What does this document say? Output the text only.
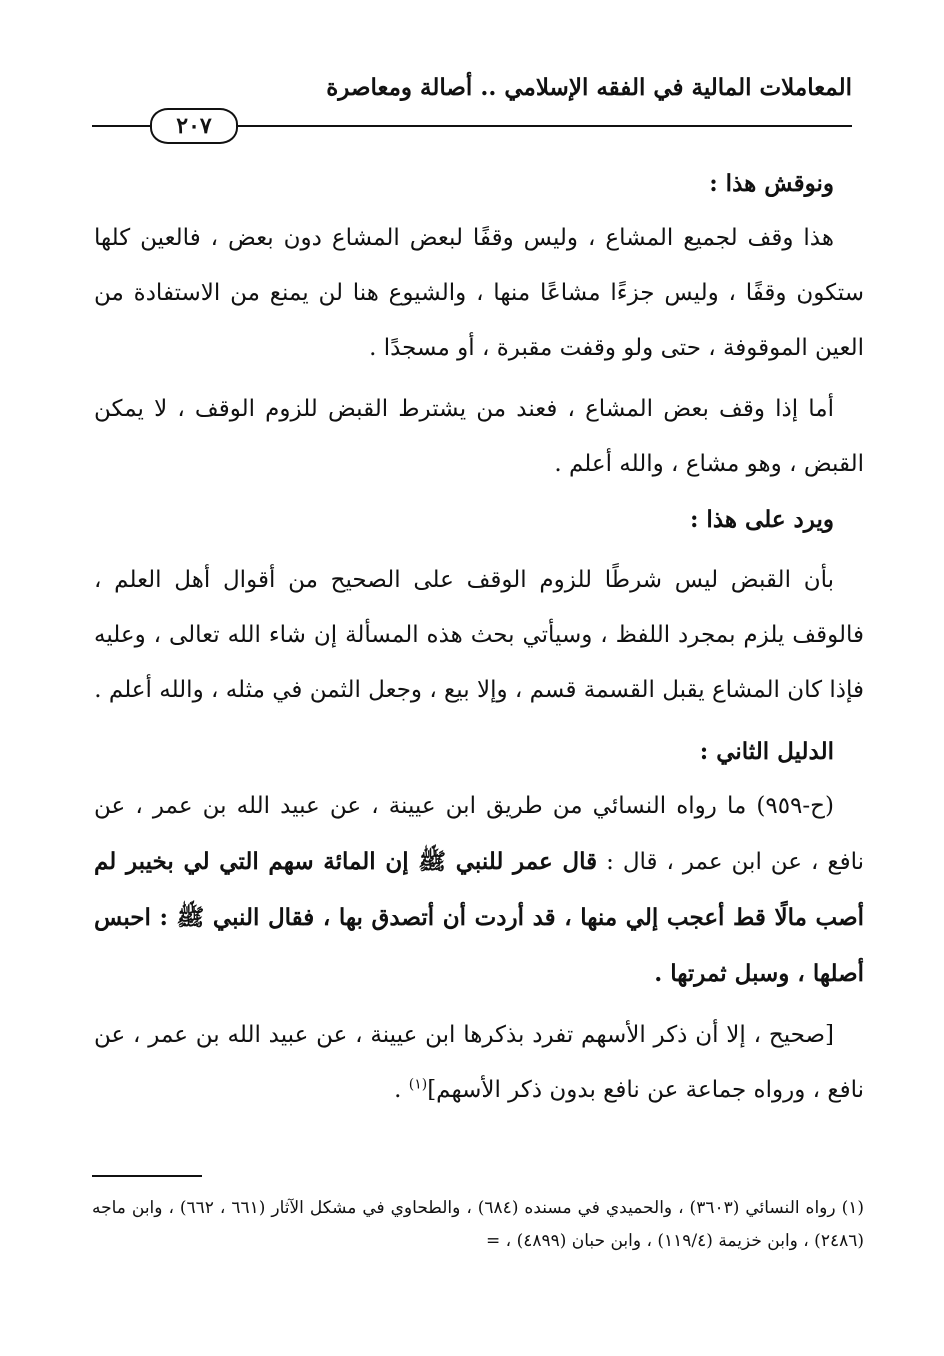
المعاملات المالية في الفقه الإسلامي .. أصالة ومعاصرة
٢٠٧

ونوقش هذا :

هذا وقف لجميع المشاع ، وليس وقفًا لبعض المشاع دون بعض ، فالعين كلها ستكون وقفًا ، وليس جزءًا مشاعًا منها ، والشيوع هنا لن يمنع من الاستفادة من العين الموقوفة ، حتى ولو وقفت مقبرة ، أو مسجدًا .

أما إذا وقف بعض المشاع ، فعند من يشترط القبض للزوم الوقف ، لا يمكن القبض ، وهو مشاع ، والله أعلم .

ويرد على هذا :

بأن القبض ليس شرطًا للزوم الوقف على الصحيح من أقوال أهل العلم ، فالوقف يلزم بمجرد اللفظ ، وسيأتي بحث هذه المسألة إن شاء الله تعالى ، وعليه فإذا كان المشاع يقبل القسمة قسم ، وإلا بيع ، وجعل الثمن في مثله ، والله أعلم .

الدليل الثاني :

(ح-٩٥٩) ما رواه النسائي من طريق ابن عيينة ، عن عبيد الله بن عمر ، عن نافع ، عن ابن عمر ، قال : قال عمر للنبي ﷺ إن المائة سهم التي لي بخيبر لم أصب مالًا قط أعجب إلي منها ، قد أردت أن أتصدق بها ، فقال النبي ﷺ : احبس أصلها ، وسبل ثمرتها .

[صحيح ، إلا أن ذكر الأسهم تفرد بذكرها ابن عيينة ، عن عبيد الله بن عمر ، عن نافع ، ورواه جماعة عن نافع بدون ذكر الأسهم]$^{(١)}$ .

(١) رواه النسائي (٣٦٠٣) ، والحميدي في مسنده (٦٨٤) ، والطحاوي في مشكل الآثار (٦٦١ ، ٦٦٢) ، وابن ماجه (٢٤٨٦) ، وابن خزيمة (١١٩/٤) ، وابن حبان (٤٨٩٩) ، =
